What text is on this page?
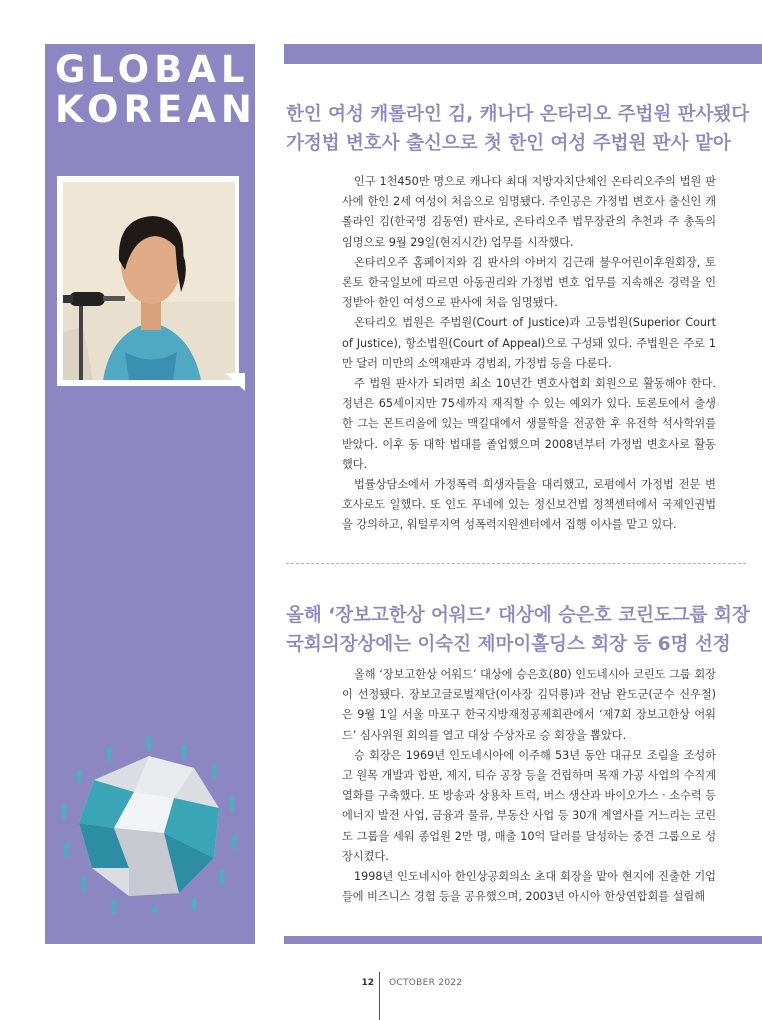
GLOBAL
KOREAN 한인 여성 캐롤라인 김, 캐나다 온타리오 주법원 판사됐다
가정법 변호사 출신으로 첫 한인 여성 주법원 판사 맡아

인구 1천450만 명으로 캐나다 최대 지방자치단체인 온타리오주의 법원 판사에 한인 2세 여성이 처음으로 임명됐다. 주인공은 가정법 변호사 출신인 캐롤라인 김(한국명 김동연) 판사로, 온타리오주 법무장관의 추천과 주 총독의 임명으로 9월 29일(현지시간) 업무를 시작했다.

온타리오주 홈페이지와 김 판사의 아버지 김근래 불우어린이후원회장, 토론토 한국일보에 따르면 아동권리와 가정법 변호 업무를 지속해온 경력을 인정받아 한인 여성으로 판사에 처음 임명됐다.

온타리오 법원은 주법원(Court of Justice)과 고등법원(Superior Court of Justice), 항소법원(Court of Appeal)으로 구성돼 있다. 주법원은 주로 1만 달러 미만의 소액재판과 경범죄, 가정법 등을 다룬다.

주 법원 판사가 되려면 최소 10년간 변호사협회 회원으로 활동해야 한다. 정년은 65세이지만 75세까지 재직할 수 있는 예외가 있다. 토론토에서 출생한 그는 몬트리올에 있는 맥길대에서 생물학을 전공한 후 유전학 석사학위를 받았다. 이후 동 대학 법대를 졸업했으며 2008년부터 가정법 변호사로 활동했다.

법률상담소에서 가정폭력 희생자들을 대리했고, 로펌에서 가정법 전문 변호사로도 일했다. 또 인도 푸네에 있는 정신보건법 정책센터에서 국제인권법을 강의하고, 워털루지역 성폭력지원센터에서 집행 이사를 맡고 있다.

올해 ‘장보고한상 어워드’ 대상에 승은호 코린도그룹 회장
국회의장상에는 이숙진 제마이홀딩스 회장 등 6명 선정

올해 ‘장보고한상 어워드’ 대상에 승은호(80) 인도네시아 코린도 그룹 회장이 선정됐다. 장보고글로벌재단(이사장 김덕룡)과 전남 완도군(군수 신우철)은 9월 1일 서울 마포구 한국지방재정공제회관에서 ‘제7회 장보고한상 어워드’ 심사위원 회의를 열고 대상 수상자로 승 회장을 뽑았다.

승 회장은 1969년 인도네시아에 이주해 53년 동안 대규모 조림을 조성하고 원목 개발과 합판, 제지, 티슈 공장 등을 건립하며 목재 가공 사업의 수직계열화를 구축했다. 또 방송과 상용차 트럭, 버스 생산과 바이오가스 · 소수력 등 에너지 발전 사업, 금융과 물류, 부동산 사업 등 30개 계열사를 거느리는 코린도 그룹을 세워 종업원 2만 명, 매출 10억 달러를 달성하는 중견 그룹으로 성장시켰다.

1998년 인도네시아 한인상공회의소 초대 회장을 맡아 현지에 진출한 기업들에 비즈니스 경험 등을 공유했으며, 2003년 아시아 한상연합회를 설립해

12 OCTOBER 2022
